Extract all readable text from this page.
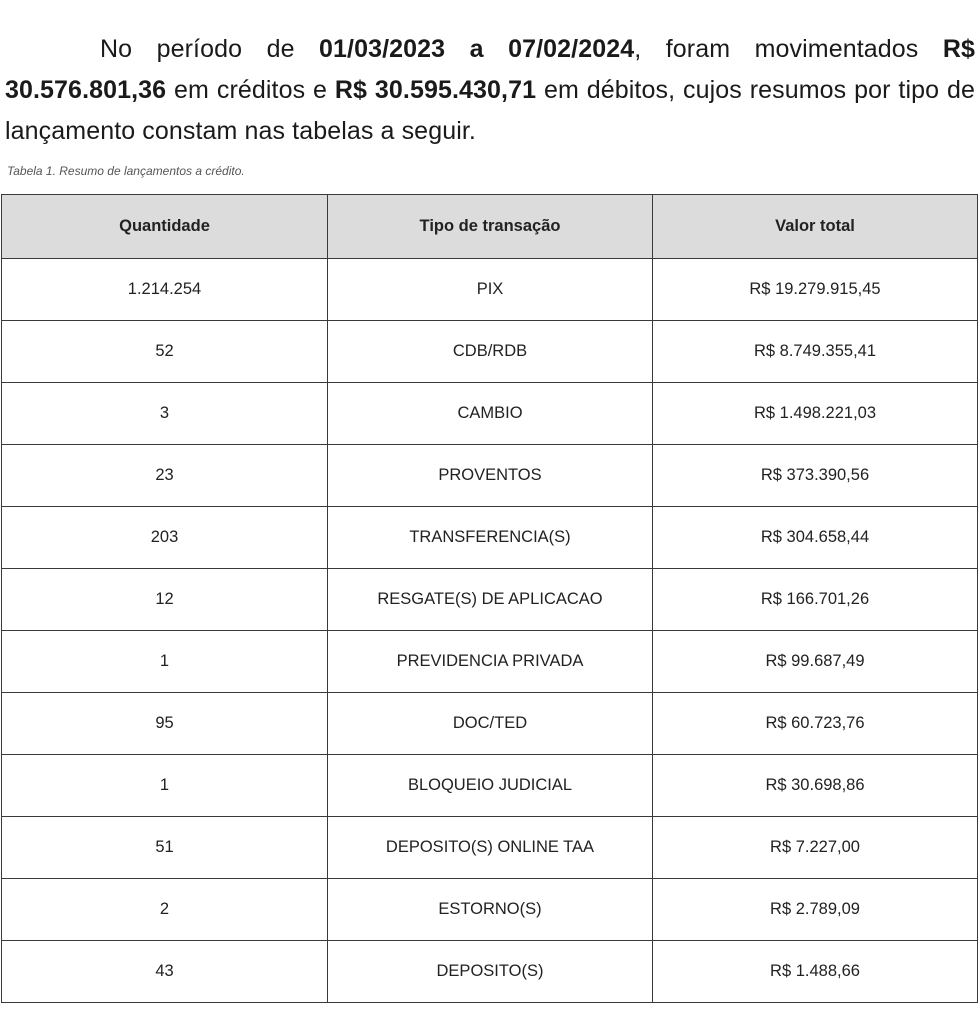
No período de 01/03/2023 a 07/02/2024, foram movimentados R$ 30.576.801,36 em créditos e R$ 30.595.430,71 em débitos, cujos resumos por tipo de lançamento constam nas tabelas a seguir.

Tabela 1. Resumo de lançamentos a crédito.
Quantidade	Tipo de transação	Valor total
1.214.254	PIX	R$ 19.279.915,45
52	CDB/RDB	R$ 8.749.355,41
3	CAMBIO	R$ 1.498.221,03
23	PROVENTOS	R$ 373.390,56
203	TRANSFERENCIA(S)	R$ 304.658,44
12	RESGATE(S) DE APLICACAO	R$ 166.701,26
1	PREVIDENCIA PRIVADA	R$ 99.687,49
95	DOC/TED	R$ 60.723,76
1	BLOQUEIO JUDICIAL	R$ 30.698,86
51	DEPOSITO(S) ONLINE TAA	R$ 7.227,00
2	ESTORNO(S)	R$ 2.789,09
43	DEPOSITO(S)	R$ 1.488,66
